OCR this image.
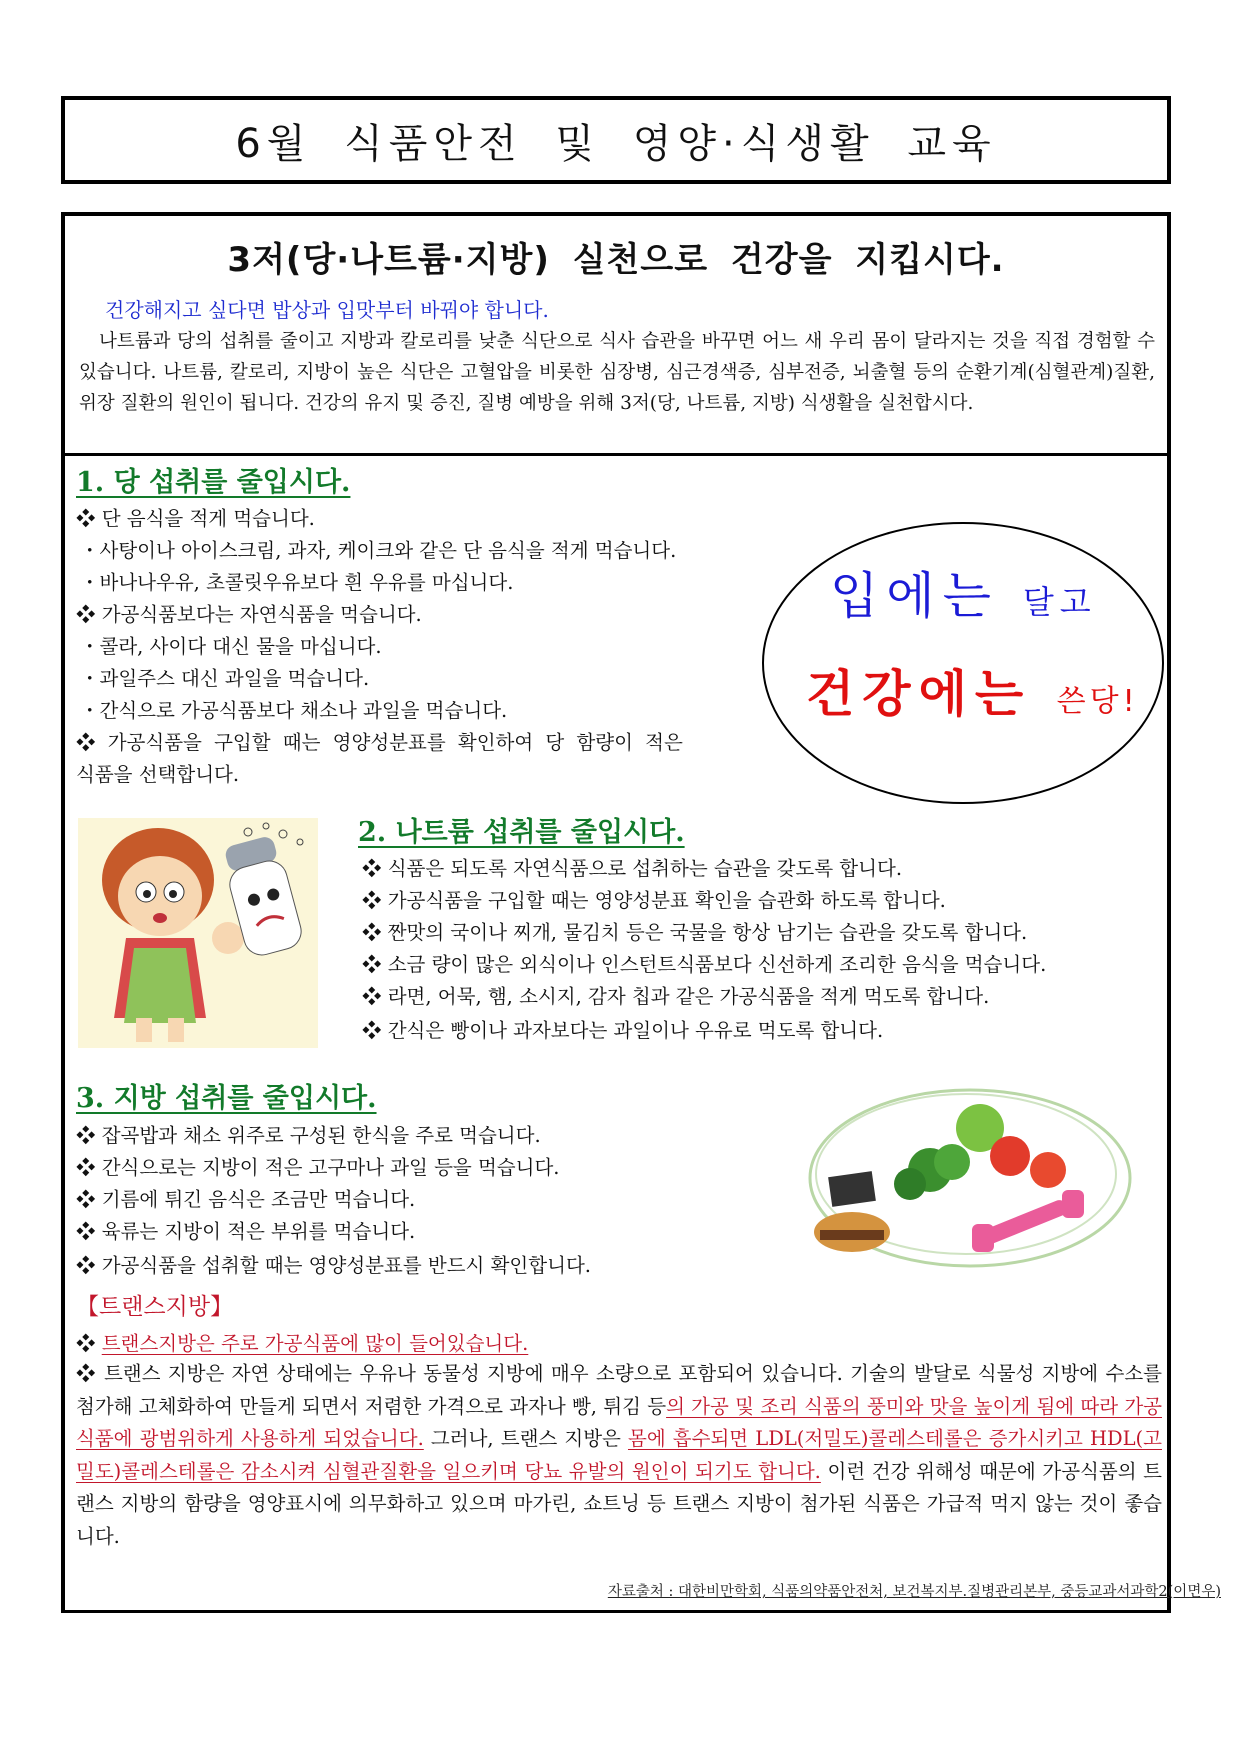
6월 식품안전 및 영양·식생활 교육
3저(당·나트륨·지방) 실천으로 건강을 지킵시다.
건강해지고 싶다면 밥상과 입맛부터 바꿔야 합니다.

나트륨과 당의 섭취를 줄이고 지방과 칼로리를 낮춘 식단으로 식사 습관을 바꾸면 어느 새 우리 몸이 달라지는 것을 직접 경험할 수 있습니다. 나트륨, 칼로리, 지방이 높은 식단은 고혈압을 비롯한 심장병, 심근경색증, 심부전증, 뇌출혈 등의 순환기계(심혈관계)질환, 위장 질환의 원인이 됩니다. 건강의 유지 및 증진, 질병 예방을 위해 3저(당, 나트륨, 지방) 식생활을 실천합시다.

1. 당 섭취를 줄입시다.

❖ 단 음식을 적게 먹습니다.

・사탕이나 아이스크림, 과자, 케이크와 같은 단 음식을 적게 먹습니다.

・바나나우유, 초콜릿우유보다 흰 우유를 마십니다.

❖ 가공식품보다는 자연식품을 먹습니다.

・콜라, 사이다 대신 물을 마십니다.

・과일주스 대신 과일을 먹습니다.

・간식으로 가공식품보다 채소나 과일을 먹습니다.

❖ 가공식품을 구입할 때는 영양성분표를 확인하여 당 함량이 적은

식품을 선택합니다.

입에는 달고
건강에는 쓴당!
2. 나트륨 섭취를 줄입시다.

❖ 식품은 되도록 자연식품으로 섭취하는 습관을 갖도록 합니다.

❖ 가공식품을 구입할 때는 영양성분표 확인을 습관화 하도록 합니다.

❖ 짠맛의 국이나 찌개, 물김치 등은 국물을 항상 남기는 습관을 갖도록 합니다.

❖ 소금 량이 많은 외식이나 인스턴트식품보다 신선하게 조리한 음식을 먹습니다.

❖ 라면, 어묵, 햄, 소시지, 감자 칩과 같은 가공식품을 적게 먹도록 합니다.

❖ 간식은 빵이나 과자보다는 과일이나 우유로 먹도록 합니다.

3. 지방 섭취를 줄입시다.

❖ 잡곡밥과 채소 위주로 구성된 한식을 주로 먹습니다.

❖ 간식으로는 지방이 적은 고구마나 과일 등을 먹습니다.

❖ 기름에 튀긴 음식은 조금만 먹습니다.

❖ 육류는 지방이 적은 부위를 먹습니다.

❖ 가공식품을 섭취할 때는 영양성분표를 반드시 확인합니다.

【트랜스지방】

❖ 트랜스지방은 주로 가공식품에 많이 들어있습니다.

❖ 트랜스 지방은 자연 상태에는 우유나 동물성 지방에 매우 소량으로 포함되어 있습니다. 기술의 발달로 식물성 지방에 수소를 첨가해 고체화하여 만들게 되면서 저렴한 가격으로 과자나 빵, 튀김 등의 가공 및 조리 식품의 풍미와 맛을 높이게 됨에 따라 가공식품에 광범위하게 사용하게 되었습니다. 그러나, 트랜스 지방은 몸에 흡수되면 LDL(저밀도)콜레스테롤은 증가시키고 HDL(고밀도)콜레스테롤은 감소시켜 심혈관질환을 일으키며 당뇨 유발의 원인이 되기도 합니다. 이런 건강 위해성 때문에 가공식품의 트랜스 지방의 함량을 영양표시에 의무화하고 있으며 마가린, 쇼트닝 등 트랜스 지방이 첨가된 식품은 가급적 먹지 않는 것이 좋습니다.

자료출처 : 대한비만학회, 식품의약품안전처, 보건복지부.질병관리본부, 중등교과서과학2(이면우)
